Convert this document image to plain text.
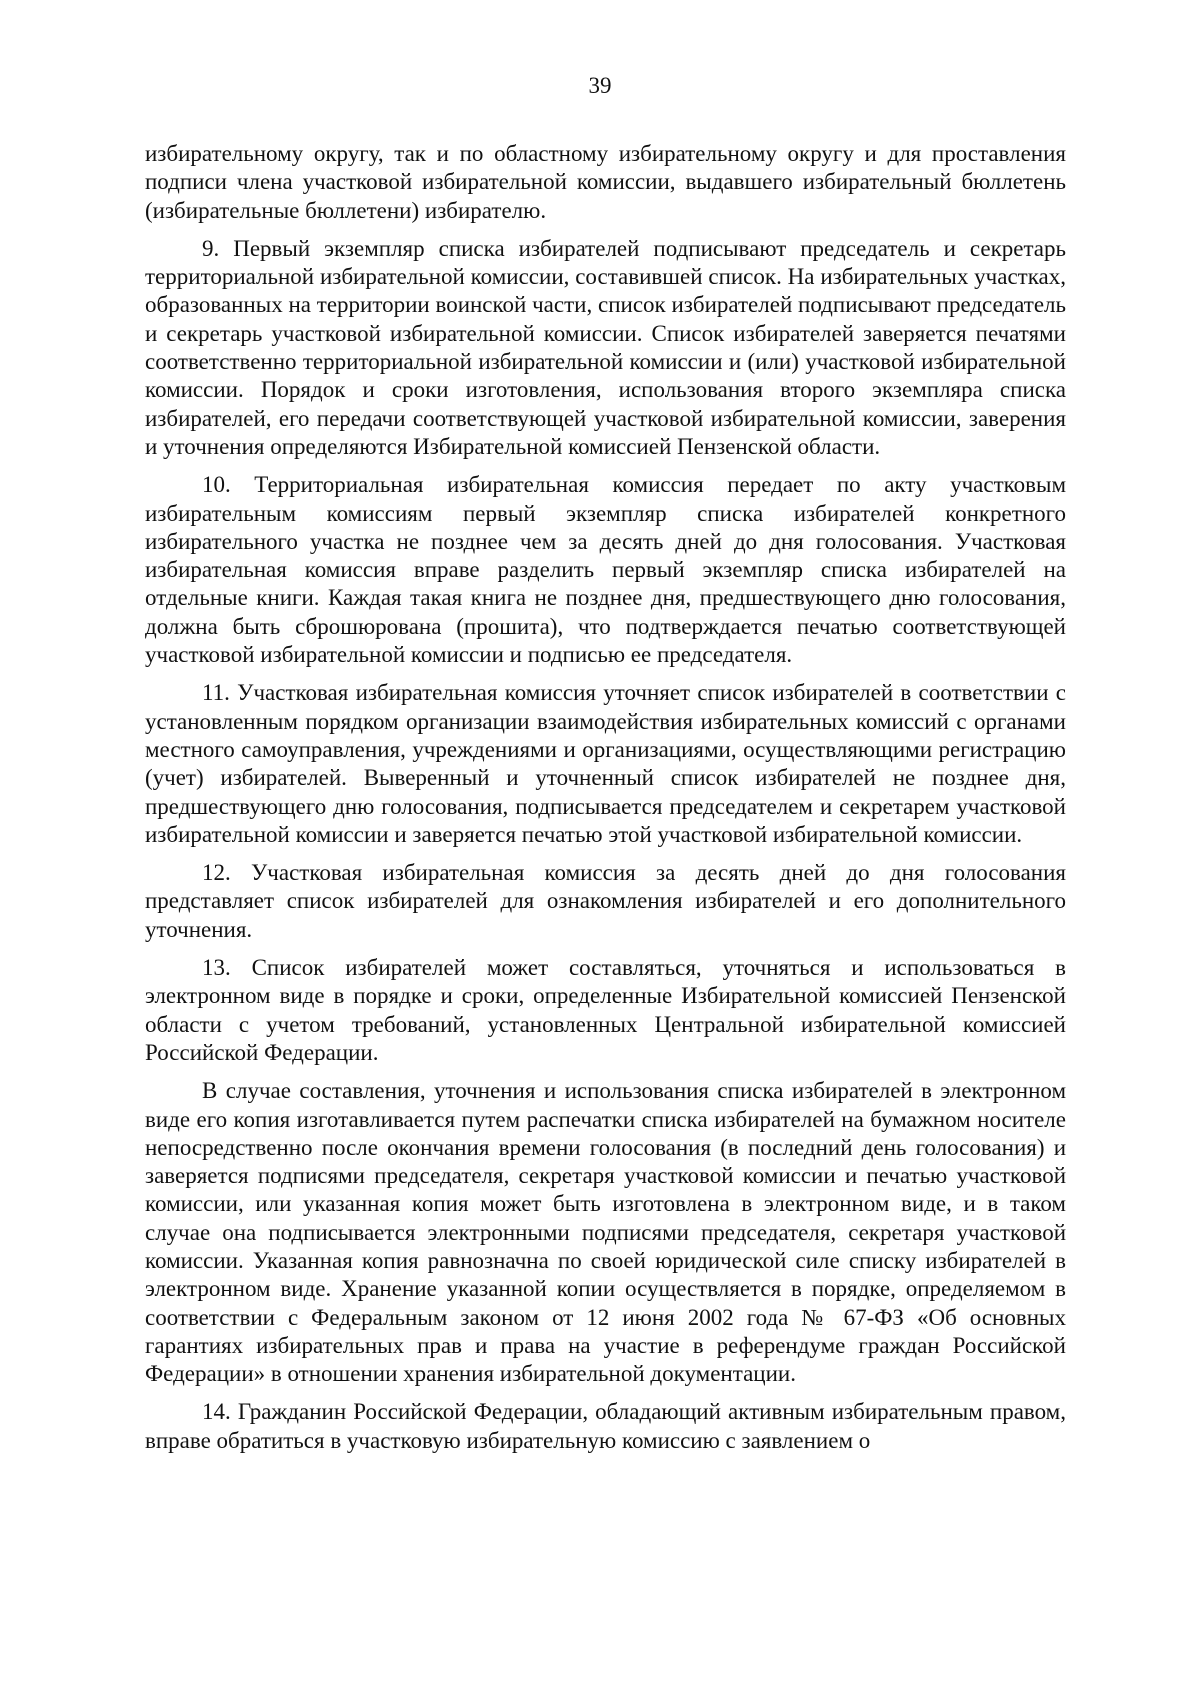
39

избирательному округу, так и по областному избирательному округу и для проставления подписи члена участковой избирательной комиссии, выдавшего избирательный бюллетень (избирательные бюллетени) избирателю.

9. Первый экземпляр списка избирателей подписывают председатель и секретарь территориальной избирательной комиссии, составившей список. На избирательных участках, образованных на территории воинской части, список избирателей подписывают председатель и секретарь участковой избирательной комиссии. Список избирателей заверяется печатями соответственно территориальной избирательной комиссии и (или) участковой избирательной комиссии. Порядок и сроки изготовления, использования второго экземпляра списка избирателей, его передачи соответствующей участковой избирательной комиссии, заверения и уточнения определяются Избирательной комиссией Пензенской области.

10. Территориальная избирательная комиссия передает по акту участковым избирательным комиссиям первый экземпляр списка избирателей конкретного избирательного участка не позднее чем за десять дней до дня голосования. Участковая избирательная комиссия вправе разделить первый экземпляр списка избирателей на отдельные книги. Каждая такая книга не позднее дня, предшествующего дню голосования, должна быть сброшюрована (прошита), что подтверждается печатью соответствующей участковой избирательной комиссии и подписью ее председателя.

11. Участковая избирательная комиссия уточняет список избирателей в соответствии с установленным порядком организации взаимодействия избирательных комиссий с органами местного самоуправления, учреждениями и организациями, осуществляющими регистрацию (учет) избирателей. Выверенный и уточненный список избирателей не позднее дня, предшествующего дню голосования, подписывается председателем и секретарем участковой избирательной комиссии и заверяется печатью этой участковой избирательной комиссии.

12. Участковая избирательная комиссия за десять дней до дня голосования представляет список избирателей для ознакомления избирателей и его дополнительного уточнения.

13. Список избирателей может составляться, уточняться и использоваться в электронном виде в порядке и сроки, определенные Избирательной комиссией Пензенской области с учетом требований, установленных Центральной избирательной комиссией Российской Федерации.

В случае составления, уточнения и использования списка избирателей в электронном виде его копия изготавливается путем распечатки списка избирателей на бумажном носителе непосредственно после окончания времени голосования (в последний день голосования) и заверяется подписями председателя, секретаря участковой комиссии и печатью участковой комиссии, или указанная копия может быть изготовлена в электронном виде, и в таком случае она подписывается электронными подписями председателя, секретаря участковой комиссии. Указанная копия равнозначна по своей юридической силе списку избирателей в электронном виде. Хранение указанной копии осуществляется в порядке, определяемом в соответствии с Федеральным законом от 12 июня 2002 года № 67-ФЗ «Об основных гарантиях избирательных прав и права на участие в референдуме граждан Российской Федерации» в отношении хранения избирательной документации.

14. Гражданин Российской Федерации, обладающий активным избирательным правом, вправе обратиться в участковую избирательную комиссию с заявлением о
